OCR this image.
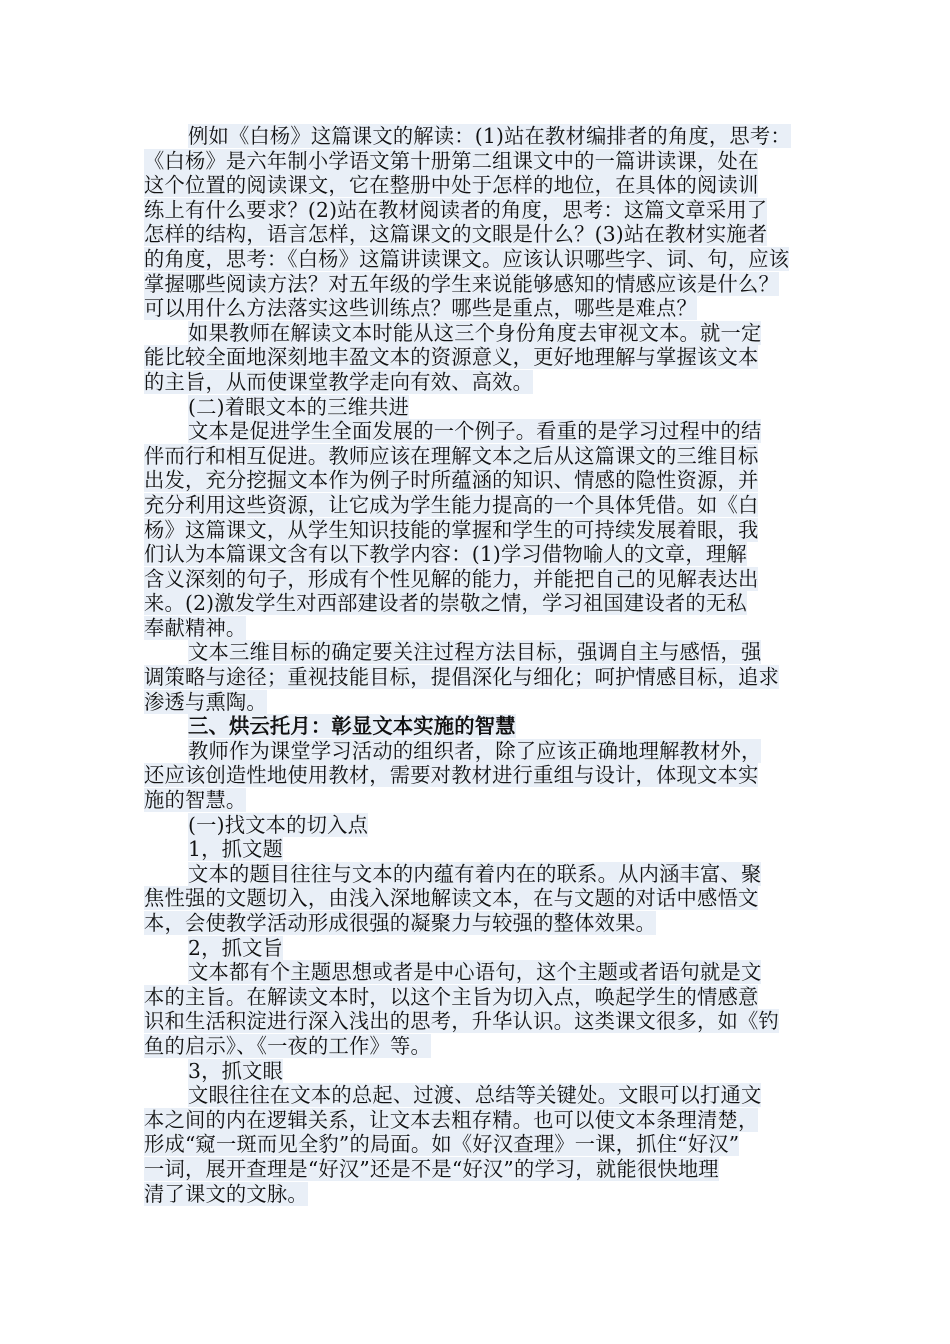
例如《白杨》这篇课文的解读：(1)站在教材编排者的角度，思考：
《白杨》是六年制小学语文第十册第二组课文中的一篇讲读课，处在
这个位置的阅读课文，它在整册中处于怎样的地位，在具体的阅读训
练上有什么要求？(2)站在教材阅读者的角度，思考：这篇文章采用了
怎样的结构，语言怎样，这篇课文的文眼是什么？(3)站在教材实施者
的角度，思考：《白杨》这篇讲读课文。应该认识哪些字、词、句，应该
掌握哪些阅读方法？对五年级的学生来说能够感知的情感应该是什么？
可以用什么方法落实这些训练点？哪些是重点，哪些是难点？
如果教师在解读文本时能从这三个身份角度去审视文本。就一定
能比较全面地深刻地丰盈文本的资源意义，更好地理解与掌握该文本
的主旨，从而使课堂教学走向有效、高效。
(二)着眼文本的三维共进
文本是促进学生全面发展的一个例子。看重的是学习过程中的结
伴而行和相互促进。教师应该在理解文本之后从这篇课文的三维目标
出发，充分挖掘文本作为例子时所蕴涵的知识、情感的隐性资源，并
充分利用这些资源，让它成为学生能力提高的一个具体凭借。如《白
杨》这篇课文，从学生知识技能的掌握和学生的可持续发展着眼，我
们认为本篇课文含有以下教学内容：(1)学习借物喻人的文章，理解
含义深刻的句子，形成有个性见解的能力，并能把自己的见解表达出
来。(2)激发学生对西部建设者的崇敬之情，学习祖国建设者的无私
奉献精神。
文本三维目标的确定要关注过程方法目标，强调自主与感悟，强
调策略与途径；重视技能目标，提倡深化与细化；呵护情感目标，追求
渗透与熏陶。
三、烘云托月：彰显文本实施的智慧
教师作为课堂学习活动的组织者，除了应该正确地理解教材外，
还应该创造性地使用教材，需要对教材进行重组与设计，体现文本实
施的智慧。
(一)找文本的切入点
1，抓文题
文本的题目往往与文本的内蕴有着内在的联系。从内涵丰富、聚
焦性强的文题切入，由浅入深地解读文本，在与文题的对话中感悟文
本，会使教学活动形成很强的凝聚力与较强的整体效果。
2，抓文旨
文本都有个主题思想或者是中心语句，这个主题或者语句就是文
本的主旨。在解读文本时，以这个主旨为切入点，唤起学生的情感意
识和生活积淀进行深入浅出的思考，升华认识。这类课文很多，如《钓
鱼的启示》、《一夜的工作》等。
3，抓文眼
文眼往往在文本的总起、过渡、总结等关键处。文眼可以打通文
本之间的内在逻辑关系，让文本去粗存精。也可以使文本条理清楚，
形成“窥一斑而见全豹”的局面。如《好汉查理》一课，抓住“好汉”
一词，展开查理是“好汉”还是不是“好汉”的学习，就能很快地理
清了课文的文脉。
